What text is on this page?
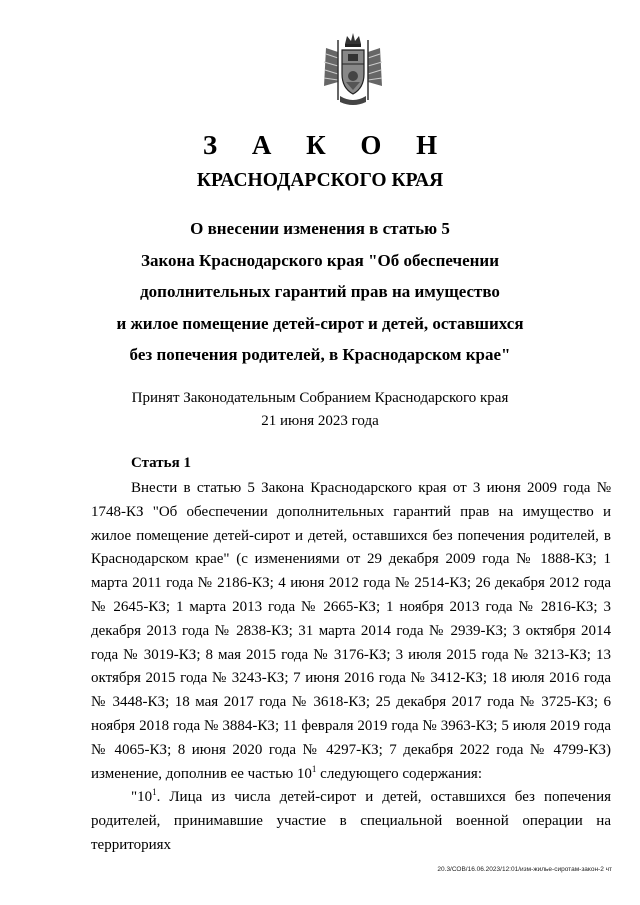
З А К О Н
КРАСНОДАРСКОГО КРАЯ
О внесении изменения в статью 5
Закона Краснодарского края "Об обеспечении
дополнительных гарантий прав на имущество
и жилое помещение детей-сирот и детей, оставшихся
без попечения родителей, в Краснодарском крае"
Принят Законодательным Собранием Краснодарского края
21 июня 2023 года
Статья 1

Внести в статью 5 Закона Краснодарского края от 3 июня 2009 года № 1748-КЗ "Об обеспечении дополнительных гарантий прав на имущество и жилое помещение детей-сирот и детей, оставшихся без попечения родителей, в Краснодарском крае" (с изменениями от 29 декабря 2009 года № 1888-КЗ; 1 марта 2011 года № 2186-КЗ; 4 июня 2012 года № 2514-КЗ; 26 декабря 2012 года № 2645-КЗ; 1 марта 2013 года № 2665-КЗ; 1 ноября 2013 года № 2816-КЗ; 3 декабря 2013 года № 2838-КЗ; 31 марта 2014 года № 2939-КЗ; 3 октября 2014 года № 3019-КЗ; 8 мая 2015 года № 3176-КЗ; 3 июля 2015 года № 3213-КЗ; 13 октября 2015 года № 3243-КЗ; 7 июня 2016 года № 3412-КЗ; 18 июля 2016 года № 3448-КЗ; 18 мая 2017 года № 3618-КЗ; 25 декабря 2017 года № 3725-КЗ; 6 ноября 2018 года № 3884-КЗ; 11 февраля 2019 года № 3963-КЗ; 5 июля 2019 года № 4065-КЗ; 8 июня 2020 года № 4297-КЗ; 7 декабря 2022 года № 4799-КЗ) изменение, дополнив ее частью $10^1$ следующего содержания:

"$10^1$. Лица из числа детей-сирот и детей, оставшихся без попечения родителей, принимавшие участие в специальной военной операции на территориях

20.3/СОВ/16.06.2023/12:01/изм-жилье-сиротам-закон-2 чт
